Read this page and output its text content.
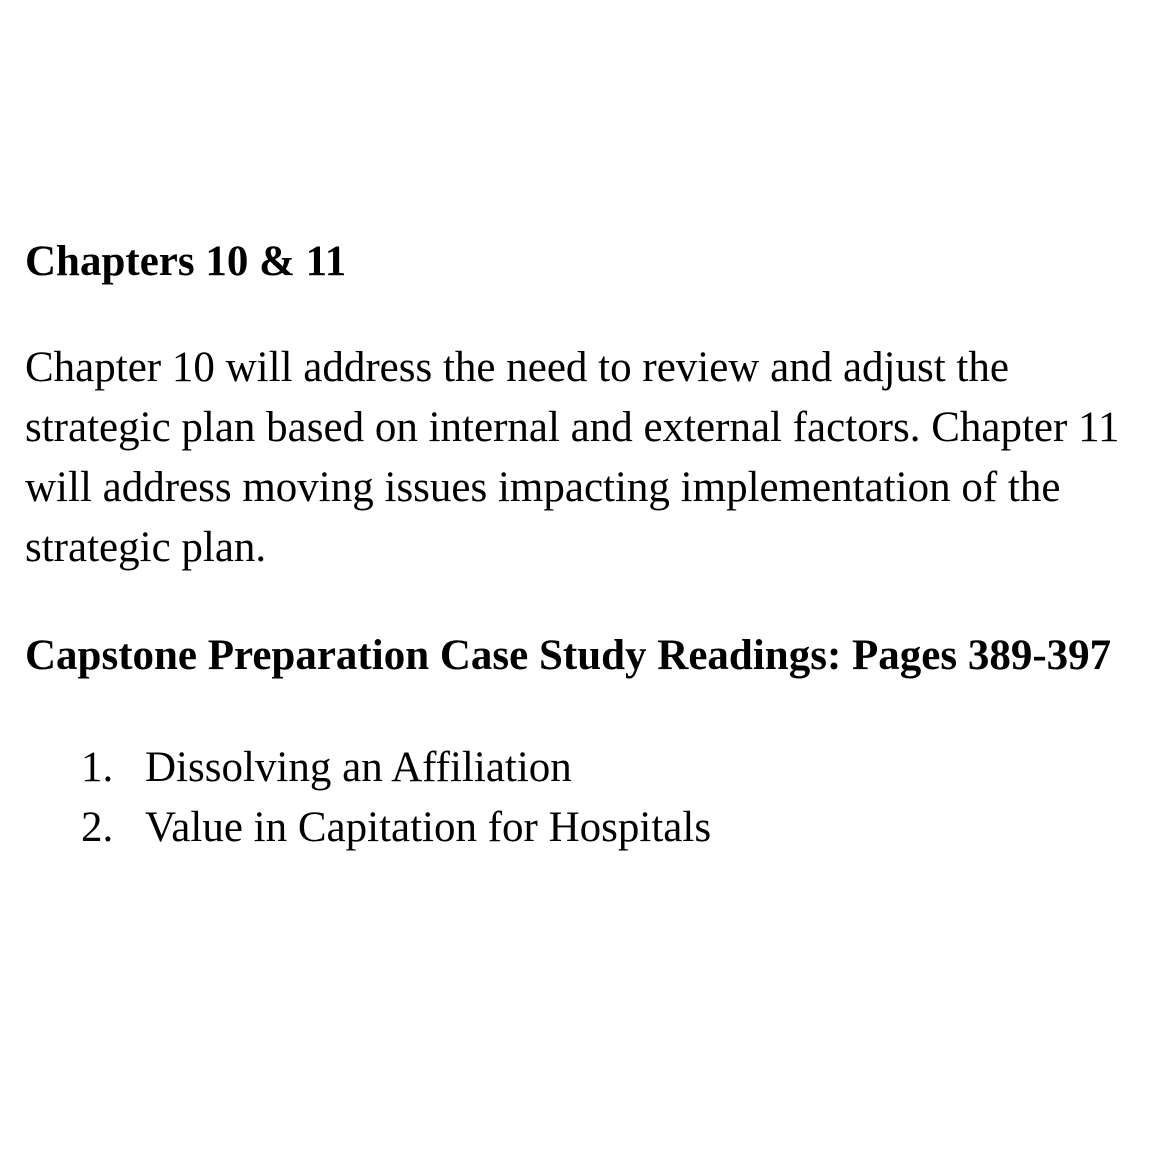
Chapters 10 & 11

Chapter 10 will address the need to review and adjust the strategic plan based on internal and external factors. Chapter 11 will address moving issues impacting implementation of the strategic plan.

Capstone Preparation Case Study Readings: Pages 389-397
1. Dissolving an Affiliation
2. Value in Capitation for Hospitals
